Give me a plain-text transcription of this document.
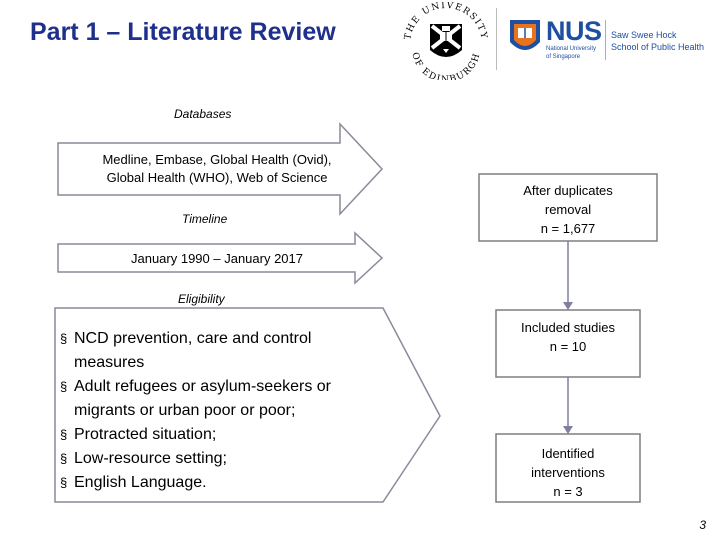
Part 1 – Literature Review	THE UNIVERSITY
OF EDINBURGH
NUS
National University
of Singapore
Saw Swee Hock
School of Public Health
Databases
Timeline
Eligibility
Medline, Embase, Global Health (Ovid),
Global Health (WHO), Web of Science
January 1990 – January 2017
§ NCD prevention, care and control
measures
§ Adult refugees or asylum-seekers or
migrants or urban poor or poor;
§ Protracted situation;
§ Low-resource setting;
§ English Language.
After duplicates
removal
n = 1,677
Included studies
n = 10
Identified
interventions
n = 3
3
